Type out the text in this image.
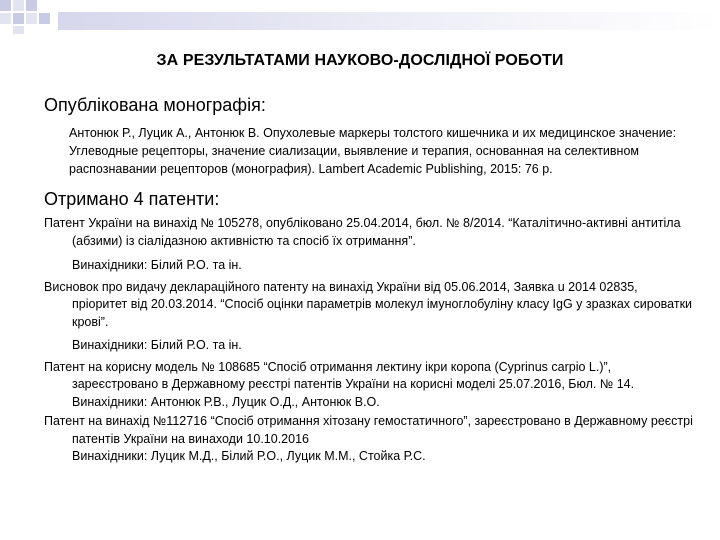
ЗА РЕЗУЛЬТАТАМИ НАУКОВО-ДОСЛІДНОЇ РОБОТИ

Опублікована монографія:

Антонюк Р., Луцик А., Антонюк В. Опухолевые маркеры толстого кишечника и их медицинское значение: Углеводные рецепторы, значение сиализации, выявление и терапия, основанная на селективном распознавании рецепторов (монография). Lambert Academic Publishing, 2015: 76 p.

Отримано 4 патенти:

Патент України на винахід № 105278, опубліковано 25.04.2014, бюл. № 8/2014. “Каталітично-активні антитіла (абзими) із сіалідазною активністю та спосіб їх отримання”.

Винахідники: Білий Р.О. та ін.

Висновок про видачу деклараційного патенту на винахід України від 05.06.2014, Заявка u 2014 02835, пріоритет від 20.03.2014. “Спосіб оцінки параметрів молекул імуноглобуліну класу IgG у зразках сироватки крові”.

Винахідники: Білий Р.О. та ін.

Патент на корисну модель № 108685 “Спосіб отримання лектину ікри коропа (Cyprinus carpio L.)”, зареєстровано в Державному реєстрі патентів України на корисні моделі 25.07.2016, Бюл. № 14.

Винахідники: Антонюк Р.В., Луцик О.Д., Антонюк В.О.

Патент на винахід №112716 “Спосіб отримання хітозану гемостатичного”, зареєстровано в Державному реєстрі патентів України на винаходи 10.10.2016

Винахідники: Луцик М.Д., Білий Р.О., Луцик М.М., Стойка Р.С.
